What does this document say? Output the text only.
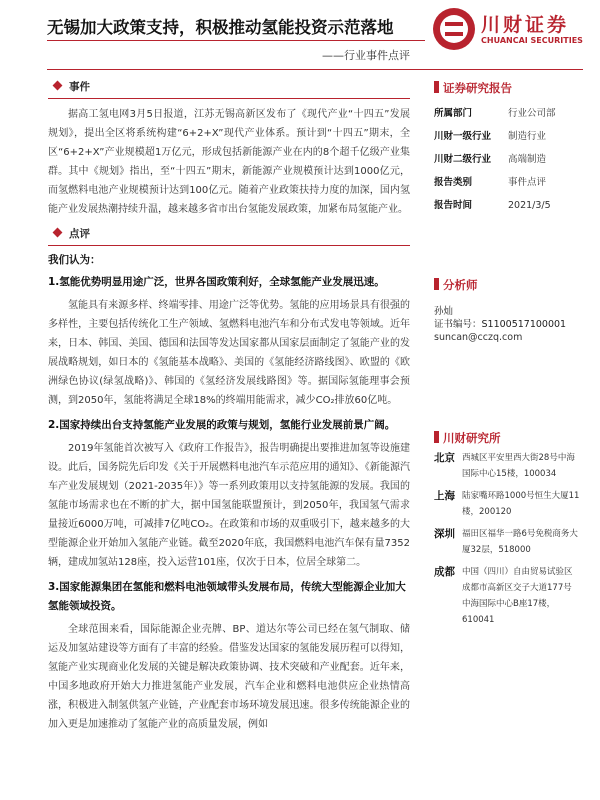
无锡加大政策支持，积极推动氢能投资示范落地
——行业事件点评
川财证券
CHUANCAI SECURITIES
事件

据高工氢电网3月5日报道，江苏无锡高新区发布了《现代产业“十四五”发展规划》，提出全区将系统构建“6+2+X”现代产业体系。预计到“十四五”期末，全区“6+2+X”产业规模超1万亿元，形成包括新能源产业在内的8个超千亿级产业集群。其中《规划》指出，至“十四五”期末，新能源产业规模预计达到1000亿元，而氢燃料电池产业规模预计达到100亿元。随着产业政策扶持力度的加深，国内氢能产业发展热潮持续升温，越来越多省市出台氢能发展政策，加紧布局氢能产业。

点评
我们认为：
1.氢能优势明显用途广泛，世界各国政策利好，全球氢能产业发展迅速。

氢能具有来源多样、终端零排、用途广泛等优势。氢能的应用场景具有很强的多样性，主要包括传统化工生产领域、氢燃料电池汽车和分布式发电等领域。近年来，日本、韩国、美国、德国和法国等发达国家都从国家层面制定了氢能产业的发展战略规划，如日本的《氢能基本战略》、美国的《氢能经济路线图》、欧盟的《欧洲绿色协议(绿氢战略)》、韩国的《氢经济发展线路图》等。据国际氢能理事会预测，到2050年，氢能将满足全球18%的终端用能需求，减少CO₂排放60亿吨。

2.国家持续出台支持氢能产业发展的政策与规划，氢能行业发展前景广阔。

2019年氢能首次被写入《政府工作报告》，报告明确提出要推进加氢等设施建设。此后，国务院先后印发《关于开展燃料电池汽车示范应用的通知》、《新能源汽车产业发展规划（2021-2035年）》等一系列政策用以支持氢能源的发展。我国的氢能市场需求也在不断的扩大，据中国氢能联盟预计，到2050年，我国氢气需求量接近6000万吨，可减排7亿吨CO₂。在政策和市场的双重吸引下，越来越多的大型能源企业开始加入氢能产业链。截至2020年底，我国燃料电池汽车保有量7352辆，建成加氢站128座，投入运营101座，仅次于日本，位居全球第二。

3.国家能源集团在氢能和燃料电池领域带头发展布局，传统大型能源企业加大氢能领域投资。

全球范围来看，国际能源企业壳牌、BP、道达尔等公司已经在氢气制取、储运及加氢站建设等方面有了丰富的经验。借鉴发达国家的氢能发展历程可以得知，氢能产业实现商业化发展的关键是解决政策协调、技术突破和产业配套。近年来，中国多地政府开始大力推进氢能产业发展，汽车企业和燃料电池供应企业热情高涨，积极进入制氢供氢产业链，产业配套市场环境发展迅速。很多传统能源企业的加入更是加速推动了氢能产业的高质量发展，例如

证券研究报告
所属部门	行业公司部
川财一级行业	制造行业
川财二级行业	高端制造
报告类别	事件点评
报告时间	2021/3/5
分析师
孙灿
证书编号：S1100517100001
suncan@cczq.com
川财研究所
北京 西城区平安里西大街28号中海国际中心15楼，100034
上海 陆家嘴环路1000号恒生大厦11楼，200120
深圳 福田区福华一路6号免税商务大厦32层，518000
成都 中国（四川）自由贸易试验区成都市高新区交子大道177号中海国际中心B座17楼，610041
